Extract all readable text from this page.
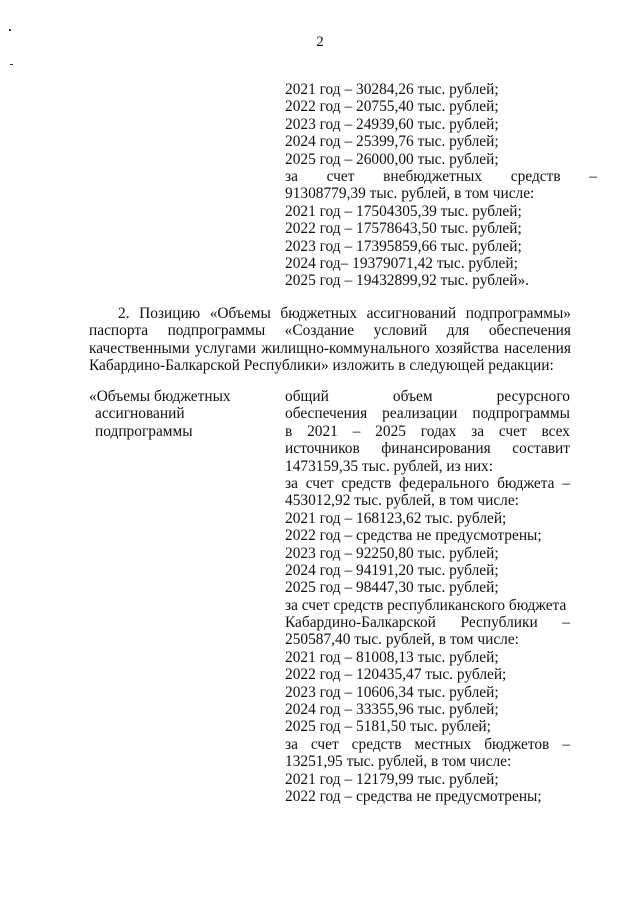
2
2021 год – 30284,26 тыс. рублей;
2022 год – 20755,40 тыс. рублей;
2023 год – 24939,60 тыс. рублей;
2024 год – 25399,76 тыс. рублей;
2025 год – 26000,00 тыс. рублей;
за счет внебюджетных средств –
91308779,39 тыс. рублей, в том числе:
2021 год – 17504305,39 тыс. рублей;
2022 год – 17578643,50 тыс. рублей;
2023 год – 17395859,66 тыс. рублей;
2024 год– 19379071,42 тыс. рублей;
2025 год – 19432899,92 тыс. рублей».
2. Позицию «Объемы бюджетных ассигнований подпрограммы»
паспорта подпрограммы «Создание условий для обеспечения
качественными услугами жилищно-коммунального хозяйства населения
Кабардино-Балкарской Республики» изложить в следующей редакции:
«Объемы бюджетных
ассигнований
подпрограммы
общий объем ресурсного
обеспечения реализации подпрограммы
в 2021 – 2025 годах за счет всех
источников финансирования составит
1473159,35 тыс. рублей, из них:
за счет средств федерального бюджета –
453012,92 тыс. рублей, в том числе:
2021 год – 168123,62 тыс. рублей;
2022 год – средства не предусмотрены;
2023 год – 92250,80 тыс. рублей;
2024 год – 94191,20 тыс. рублей;
2025 год – 98447,30 тыс. рублей;
за счет средств республиканского бюджета
Кабардино-Балкарской Республики –
250587,40 тыс. рублей, в том числе:
2021 год – 81008,13 тыс. рублей;
2022 год – 120435,47 тыс. рублей;
2023 год – 10606,34 тыс. рублей;
2024 год – 33355,96 тыс. рублей;
2025 год – 5181,50 тыс. рублей;
за счет средств местных бюджетов –
13251,95 тыс. рублей, в том числе:
2021 год – 12179,99 тыс. рублей;
2022 год – средства не предусмотрены;
